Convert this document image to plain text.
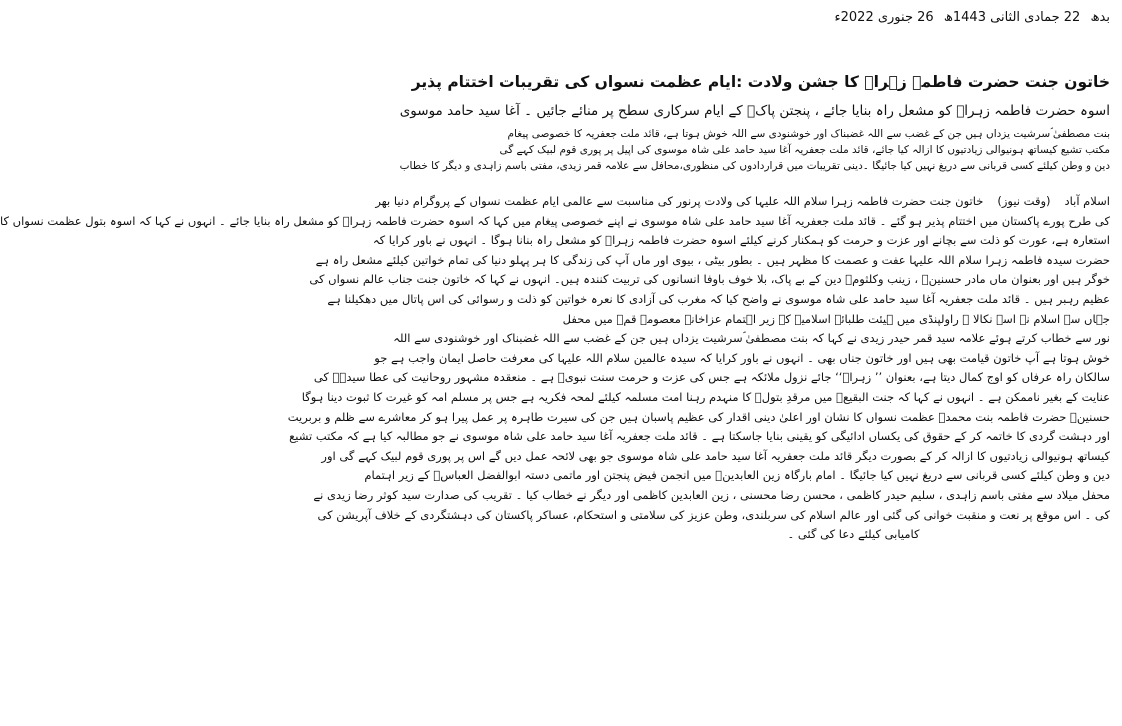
بدھ 22 جمادی الثانی 1443ھ 26 جنوری 2022ء
خاتون جنت حضرت فاطمہ زہراؑ کا جشن ولادت :ایام عظمت نسواں کی تقریبات اختتام پذیر
اسوہ حضرت فاطمہ زہراؑ کو مشعل راہ بنایا جائے ، پنجتن پاکؑ کے ایام سرکاری سطح پر منائے جائیں ۔ آغا سید حامد موسوی
بنت مصطفیٰ ؐسرشیت یزداں ہیں جن کے غضب سے اللہ غضبناک اور خوشنودی سے اللہ خوش ہوتا ہے، قائد ملت جعفریہ کا خصوصی پیغام
مکتب تشیع کیساتھ ہونیوالی زیادتیوں کا ازالہ کیا جائے، قائد ملت جعفریہ آغا سید حامد علی شاہ موسوی کی اپیل پر پوری قوم لبیک کہے گی
دین و وطن کیلئے کسی قربانی سے دریغ نہیں کیا جائیگا ۔دینی تقریبات میں قراردادوں کی منظوری،محافل سے علامہ قمر زیدی، مفتی باسم زاہدی و دیگر کا خطاب
اسلام آباد(وقت نیوز)خاتون جنت حضرت فاطمہ زہرا سلام اللہ علیہا کی ولادت پرنور کی مناسبت سے عالمی ایام عظمت نسواں کے پروگرام دنیا بھر
کی طرح پورے پاکستان میں اختتام پذیر ہو گئے ۔ قائد ملت جعفریہ آغا سید حامد علی شاہ موسوی نے اپنے خصوصی پیغام میں کہا کہ اسوہ حضرت فاطمہ زہراؑ کو مشعل راہ بنایا جائے ۔ انہوں نے کہا کہ اسوہ بتول عظمت نسواں کا
استعارہ ہے، عورت کو ذلت سے بچانے اور عزت و حرمت کو ہمکنار کرنے کیلئے اسوہ حضرت فاطمہ زہراؑ کو مشعل راہ بنانا ہوگا ۔ انہوں نے باور کرایا کہ
حضرت سیدہ فاطمہ زہرا سلام اللہ علیہا عفت و عصمت کا مظہر ہیں ۔ بطور بیٹی ، بیوی اور ماں آپ کی زندگی کا ہر پہلو دنیا کی تمام خواتین کیلئے مشعل راہ ہے
خوگر ہیں اور بعنوان ماں مادر حسنینؑ ، زینب وکلثومؑ دین کے بے پاک، بلا خوف باوفا انسانوں کی تربیت کنندہ ہیں۔ انہوں نے کہا کہ خاتون جنت جناب عالم نسواں کی
عظیم رہبر ہیں ۔ قائد ملت جعفریہ آغا سید حامد علی شاہ موسوی نے واضح کیا کہ مغرب کی آزادی کا نعرہ خواتین کو ذلت و رسوائی کی اس پاتال میں دھکیلنا ہے
جہاں سے اسلام نے اسے نکالا ۔ راولپنڈی میں ہیئت طلبائے اسلامیہ کے زیر اہتمام عزاخانہ معصومہ قمؑ میں محفل
نور سے خطاب کرتے ہوئے علامہ سید قمر حیدر زیدی نے کہا کہ بنت مصطفیٰ ؐسرشیت یزداں ہیں جن کے غضب سے اللہ غضبناک اور خوشنودی سے اللہ
خوش ہوتا ہے آپ خاتون قیامت بھی ہیں اور خاتون جناں بھی ۔ انہوں نے باور کرایا کہ سیدہ عالمین سلام اللہ علیہا کی معرفت حاصل ایمان واجب ہے جو
سالکان راہ عرفاں کو اوج کمال دیتا ہے، بعنوان ’’ زہراؑ‘‘ جائے نزول ملائکہ ہے جس کی عزت و حرمت سنت نبویؐ ہے ۔ منعقدہ مشہور روحانیت کی عطا سیدہؑ کی
عنایت کے بغیر ناممکن ہے ۔ انہوں نے کہا کہ جنت البقیعؑ میں مرقدِ بتولؑ کا منہدم رہنا امت مسلمہ کیلئے لمحہ فکریہ ہے جس پر مسلم امہ کو غیرت کا ثبوت دینا ہوگا
حسنینؑ حضرت فاطمہ بنت محمدؐ عظمت نسواں کا نشان اور اعلیٰ دینی اقدار کی عظیم پاسبان ہیں جن کی سیرت طاہرہ پر عمل پیرا ہو کر معاشرے سے ظلم و بربریت
اور دہشت گردی کا خاتمہ کر کے حقوق کی یکساں ادائیگی کو یقینی بنایا جاسکتا ہے ۔ قائد ملت جعفریہ آغا سید حامد علی شاہ موسوی نے جو مطالبہ کیا ہے کہ مکتب تشیع
کیساتھ ہونیوالی زیادتیوں کا ازالہ کر کے بصورت دیگر قائد ملت جعفریہ آغا سید حامد علی شاہ موسوی جو بھی لائحہ عمل دیں گے اس پر پوری قوم لبیک کہے گی اور
دین و وطن کیلئے کسی قربانی سے دریغ نہیں کیا جائیگا ۔ امام بارگاہ زین العابدینؑ میں انجمن فیض پنجتن اور ماتمی دستہ ابوالفضل العباسؑ کے زیر اہتمام
محفل میلاد سے مفتی باسم زاہدی ، سلیم حیدر کاظمی ، محسن رضا محسنی ، زین العابدین کاظمی اور دیگر نے خطاب کیا ۔ تقریب کی صدارت سید کوثر رضا زیدی نے
کی ۔ اس موقع پر نعت و منقبت خوانی کی گئی اور عالم اسلام کی سربلندی، وطن عزیز کی سلامتی و استحکام، عساکر پاکستان کی دہشتگردی کے خلاف آپریشن کی
کامیابی کیلئے دعا کی گئی ۔
